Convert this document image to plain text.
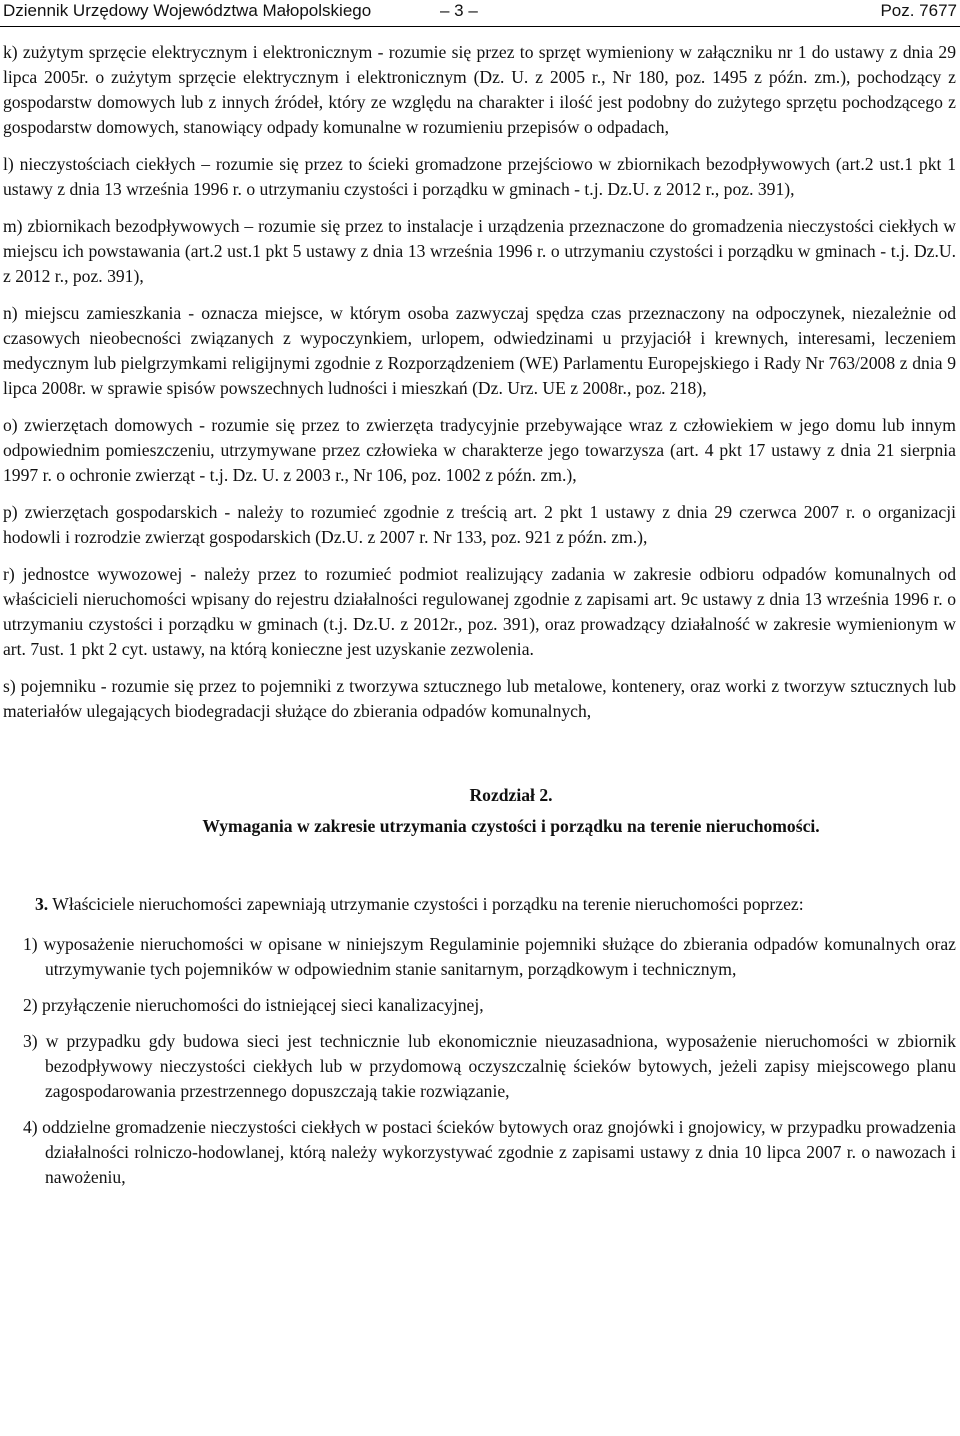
Dziennik Urzędowy Województwa Małopolskiego	– 3 –	Poz. 7677

k) zużytym sprzęcie elektrycznym i elektronicznym - rozumie się przez to sprzęt wymieniony w załączniku nr 1 do ustawy z dnia 29 lipca 2005r. o zużytym sprzęcie elektrycznym i elektronicznym (Dz. U. z 2005 r., Nr 180, poz. 1495 z późn. zm.), pochodzący z gospodarstw domowych lub z innych źródeł, który ze względu na charakter i ilość jest podobny do zużytego sprzętu pochodzącego z gospodarstw domowych, stanowiący odpady komunalne w rozumieniu przepisów o odpadach,

l) nieczystościach ciekłych – rozumie się przez to ścieki gromadzone przejściowo w zbiornikach bezodpływowych (art.2 ust.1 pkt 1 ustawy z dnia 13 września 1996 r. o utrzymaniu czystości i porządku w gminach - t.j. Dz.U. z 2012 r., poz. 391),

m) zbiornikach bezodpływowych – rozumie się przez to instalacje i urządzenia przeznaczone do gromadzenia nieczystości ciekłych w miejscu ich powstawania (art.2 ust.1 pkt 5 ustawy z dnia 13 września 1996 r. o utrzymaniu czystości i porządku w gminach - t.j. Dz.U. z 2012 r., poz. 391),

n) miejscu zamieszkania - oznacza miejsce, w którym osoba zazwyczaj spędza czas przeznaczony na odpoczynek, niezależnie od czasowych nieobecności związanych z wypoczynkiem, urlopem, odwiedzinami u przyjaciół i krewnych, interesami, leczeniem medycznym lub pielgrzymkami religijnymi zgodnie z Rozporządzeniem (WE) Parlamentu Europejskiego i Rady Nr 763/2008 z dnia 9 lipca 2008r. w sprawie spisów powszechnych ludności i mieszkań (Dz. Urz. UE z 2008r., poz. 218),

o) zwierzętach domowych - rozumie się przez to zwierzęta tradycyjnie przebywające wraz z człowiekiem w jego domu lub innym odpowiednim pomieszczeniu, utrzymywane przez człowieka w charakterze jego towarzysza (art. 4 pkt 17 ustawy z dnia 21 sierpnia 1997 r. o ochronie zwierząt - t.j. Dz. U. z 2003 r., Nr 106, poz. 1002 z późn. zm.),

p) zwierzętach gospodarskich - należy to rozumieć zgodnie z treścią art. 2 pkt 1 ustawy z dnia 29 czerwca 2007 r. o organizacji hodowli i rozrodzie zwierząt gospodarskich (Dz.U. z 2007 r. Nr 133, poz. 921 z późn. zm.),

r) jednostce wywozowej - należy przez to rozumieć podmiot realizujący zadania w zakresie odbioru odpadów komunalnych od właścicieli nieruchomości wpisany do rejestru działalności regulowanej zgodnie z zapisami art. 9c ustawy z dnia 13 września 1996 r. o utrzymaniu czystości i porządku w gminach (t.j. Dz.U. z 2012r., poz. 391), oraz prowadzący działalność w zakresie wymienionym w art. 7ust. 1 pkt 2 cyt. ustawy, na którą konieczne jest uzyskanie zezwolenia.

s) pojemniku - rozumie się przez to pojemniki z tworzywa sztucznego lub metalowe, kontenery, oraz worki z tworzyw sztucznych lub materiałów ulegających biodegradacji służące do zbierania odpadów komunalnych,

Rozdział 2.

Wymagania w zakresie utrzymania czystości i porządku na terenie nieruchomości.

3. Właściciele nieruchomości zapewniają utrzymanie czystości i porządku na terenie nieruchomości poprzez:

1) wyposażenie nieruchomości w opisane w niniejszym Regulaminie pojemniki służące do zbierania odpadów komunalnych oraz utrzymywanie tych pojemników w odpowiednim stanie sanitarnym, porządkowym i technicznym,

2) przyłączenie nieruchomości do istniejącej sieci kanalizacyjnej,

3) w przypadku gdy budowa sieci jest technicznie lub ekonomicznie nieuzasadniona, wyposażenie nieruchomości w zbiornik bezodpływowy nieczystości ciekłych lub w przydomową oczyszczalnię ścieków bytowych, jeżeli zapisy miejscowego planu zagospodarowania przestrzennego dopuszczają takie rozwiązanie,

4) oddzielne gromadzenie nieczystości ciekłych w postaci ścieków bytowych oraz gnojówki i gnojowicy, w przypadku prowadzenia działalności rolniczo-hodowlanej, którą należy wykorzystywać zgodnie z zapisami ustawy z dnia 10 lipca 2007 r. o nawozach i nawożeniu,
